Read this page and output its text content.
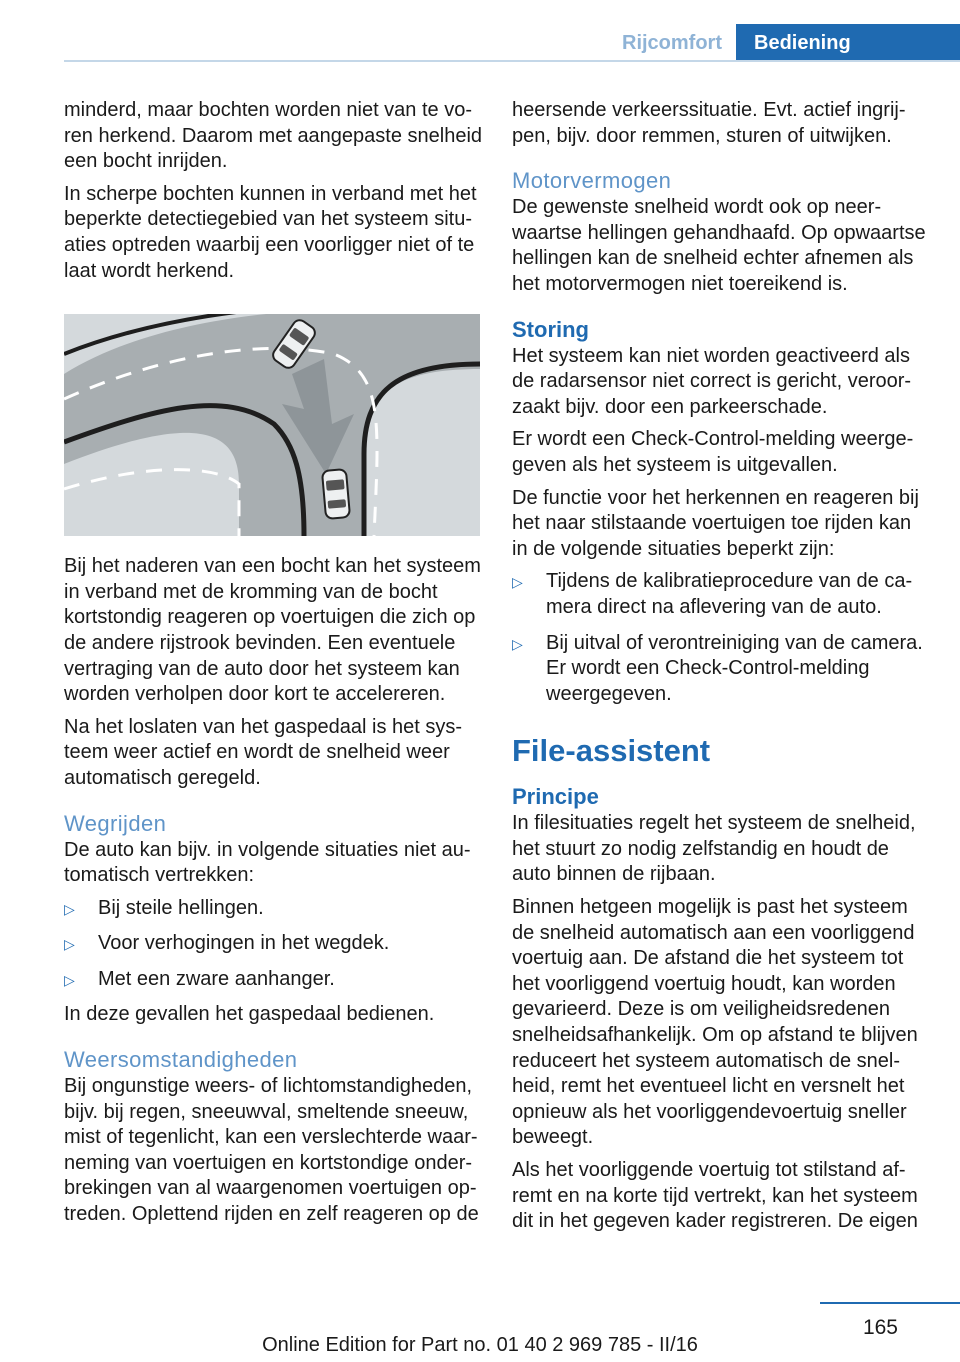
Rijcomfort	Bediening

minderd, maar bochten worden niet van te voren herkend. Daarom met aangepaste snelheid een bocht inrijden.

In scherpe bochten kunnen in verband met het beperkte detectiegebied van het systeem situaties optreden waarbij een voorligger niet of te laat wordt herkend.

Bij het naderen van een bocht kan het systeem in verband met de kromming van de bocht kortstondig reageren op voertuigen die zich op de andere rijstrook bevinden. Een eventuele vertraging van de auto door het systeem kan worden verholpen door kort te accelereren.

Na het loslaten van het gaspedaal is het systeem weer actief en wordt de snelheid weer automatisch geregeld.

Wegrijden

De auto kan bijv. in volgende situaties niet automatisch vertrekken:

▷ Bij steile hellingen.
▷ Voor verhogingen in het wegdek.
▷ Met een zware aanhanger.

In deze gevallen het gaspedaal bedienen.

Weersomstandigheden

Bij ongunstige weers- of lichtomstandigheden, bijv. bij regen, sneeuwval, smeltende sneeuw, mist of tegenlicht, kan een verslechterde waarneming van voertuigen en kortstondige onderbrekingen van al waargenomen voertuigen optreden. Oplettend rijden en zelf reageren op de

heersende verkeerssituatie. Evt. actief ingrijpen, bijv. door remmen, sturen of uitwijken.

Motorvermogen

De gewenste snelheid wordt ook op neerwaartse hellingen gehandhaafd. Op opwaartse hellingen kan de snelheid echter afnemen als het motorvermogen niet toereikend is.

Storing

Het systeem kan niet worden geactiveerd als de radarsensor niet correct is gericht, veroorzaakt bijv. door een parkeerschade.

Er wordt een Check-Control-melding weergegeven als het systeem is uitgevallen.

De functie voor het herkennen en reageren bij het naar stilstaande voertuigen toe rijden kan in de volgende situaties beperkt zijn:

▷ Tijdens de kalibratieprocedure van de camera direct na aflevering van de auto.
▷ Bij uitval of verontreiniging van de camera. Er wordt een Check-Control-melding weergegeven.
File-assistent
Principe

In filesituaties regelt het systeem de snelheid, het stuurt zo nodig zelfstandig en houdt de auto binnen de rijbaan.

Binnen hetgeen mogelijk is past het systeem de snelheid automatisch aan een voorliggend voertuig aan. De afstand die het systeem tot het voorliggend voertuig houdt, kan worden gevarieerd. Deze is om veiligheidsredenen snelheidsafhankelijk. Om op afstand te blijven reduceert het systeem automatisch de snelheid, remt het eventueel licht en versnelt het opnieuw als het voorliggendevoertuig sneller beweegt.

Als het voorliggende voertuig tot stilstand afremt en na korte tijd vertrekt, kan het systeem dit in het gegeven kader registreren. De eigen

165
Online Edition for Part no. 01 40 2 969 785 - II/16
